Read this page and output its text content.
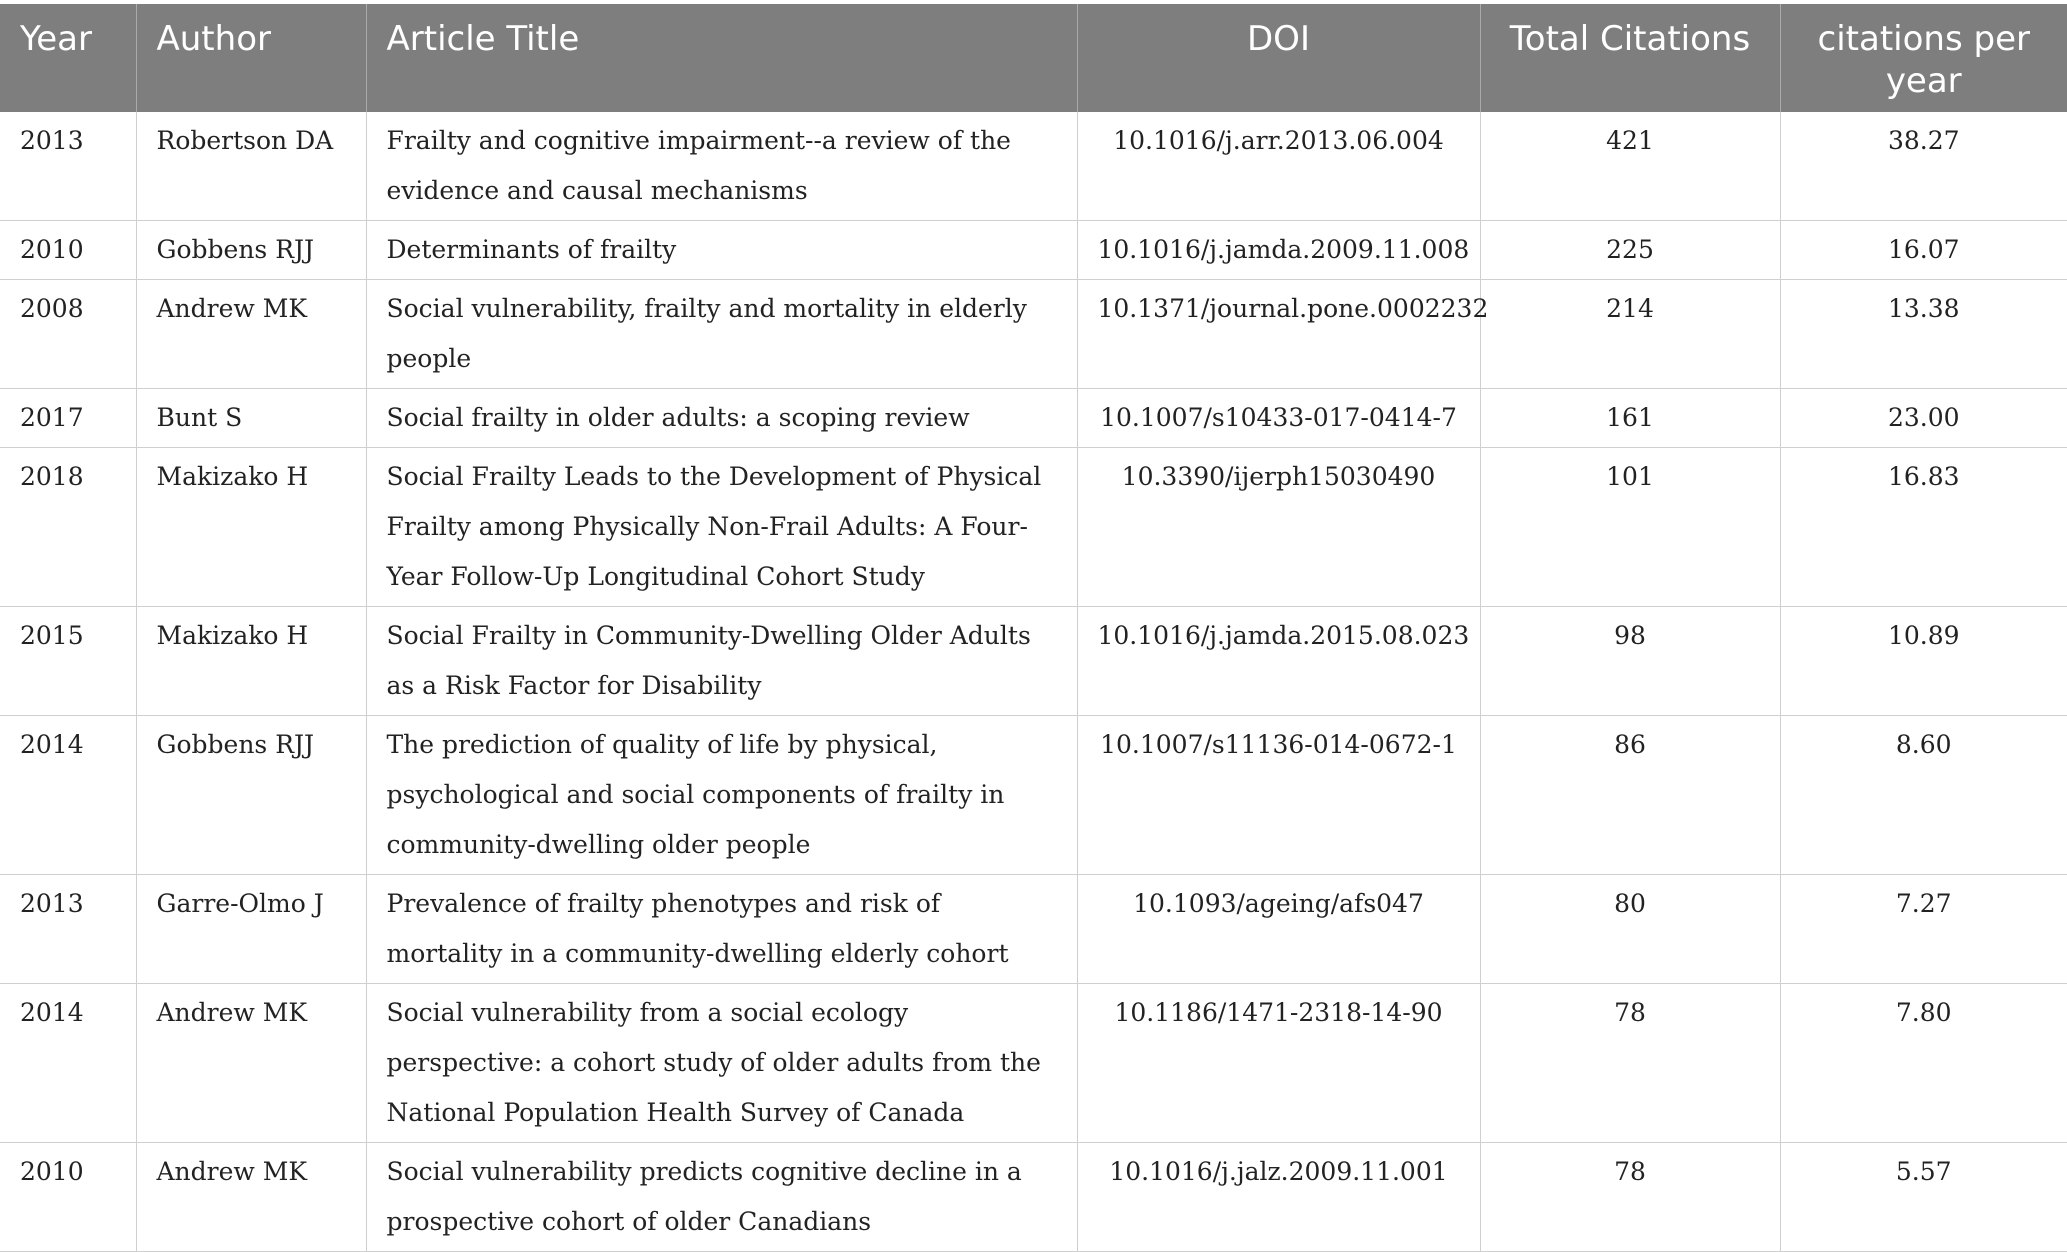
Year	Author	Article Title	DOI	Total Citations	citations per year
2013	Robertson DA	Frailty and cognitive impairment--a review of the evidence and causal mechanisms	10.1016/j.arr.2013.06.004	421	38.27
2010	Gobbens RJJ	Determinants of frailty	10.1016/j.jamda.2009.11.008	225	16.07
2008	Andrew MK	Social vulnerability, frailty and mortality in elderly people	10.1371/journal.pone.0002232	214	13.38
2017	Bunt S	Social frailty in older adults: a scoping review	10.1007/s10433-017-0414-7	161	23.00
2018	Makizako H	Social Frailty Leads to the Development of Physical Frailty among Physically Non-Frail Adults: A Four-Year Follow-Up Longitudinal Cohort Study	10.3390/ijerph15030490	101	16.83
2015	Makizako H	Social Frailty in Community-Dwelling Older Adults as a Risk Factor for Disability	10.1016/j.jamda.2015.08.023	98	10.89
2014	Gobbens RJJ	The prediction of quality of life by physical, psychological and social components of frailty in community-dwelling older people	10.1007/s11136-014-0672-1	86	8.60
2013	Garre-Olmo J	Prevalence of frailty phenotypes and risk of mortality in a community-dwelling elderly cohort	10.1093/ageing/afs047	80	7.27
2014	Andrew MK	Social vulnerability from a social ecology perspective: a cohort study of older adults from the National Population Health Survey of Canada	10.1186/1471-2318-14-90	78	7.80
2010	Andrew MK	Social vulnerability predicts cognitive decline in a prospective cohort of older Canadians	10.1016/j.jalz.2009.11.001	78	5.57
